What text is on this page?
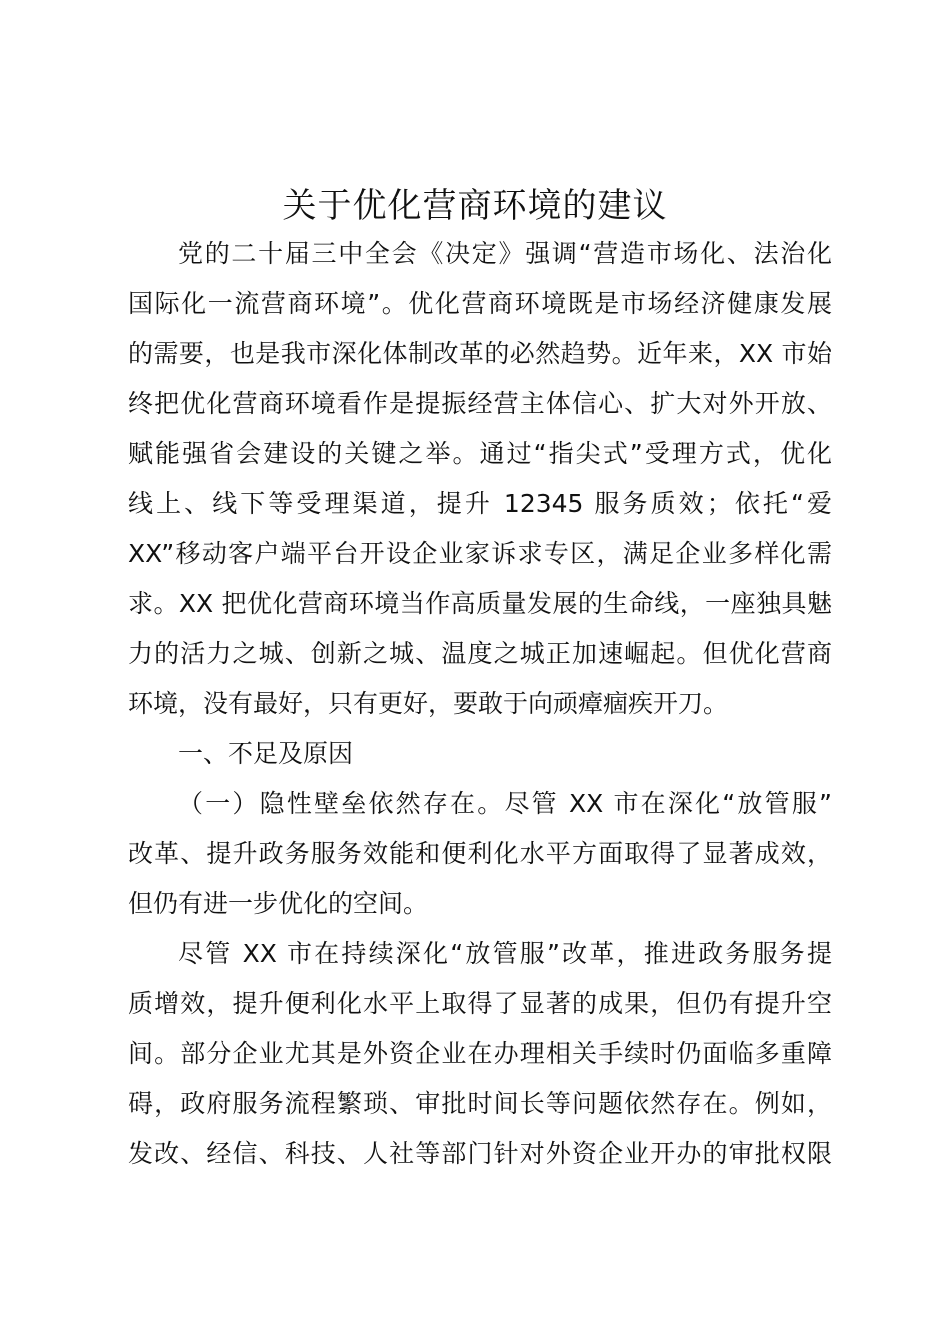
关于优化营商环境的建议
党的二十届三中全会《决定》强调“营造市场化、法治化
国际化一流营商环境”。优化营商环境既是市场经济健康发展
的需要，也是我市深化体制改革的必然趋势。近年来，XX 市始
终把优化营商环境看作是提振经营主体信心、扩大对外开放、
赋能强省会建设的关键之举。通过“指尖式”受理方式，优化
线上、线下等受理渠道，提升 12345 服务质效；依托“爱
XX”移动客户端平台开设企业家诉求专区，满足企业多样化需
求。XX 把优化营商环境当作高质量发展的生命线，一座独具魅
力的活力之城、创新之城、温度之城正加速崛起。但优化营商
环境，没有最好，只有更好，要敢于向顽瘴痼疾开刀。
一、不足及原因
（一）隐性壁垒依然存在。尽管 XX 市在深化“放管服”
改革、提升政务服务效能和便利化水平方面取得了显著成效，
但仍有进一步优化的空间。
尽管 XX 市在持续深化“放管服”改革，推进政务服务提
质增效，提升便利化水平上取得了显著的成果，但仍有提升空
间。部分企业尤其是外资企业在办理相关手续时仍面临多重障
碍，政府服务流程繁琐、审批时间长等问题依然存在。例如，
发改、经信、科技、人社等部门针对外资企业开办的审批权限
